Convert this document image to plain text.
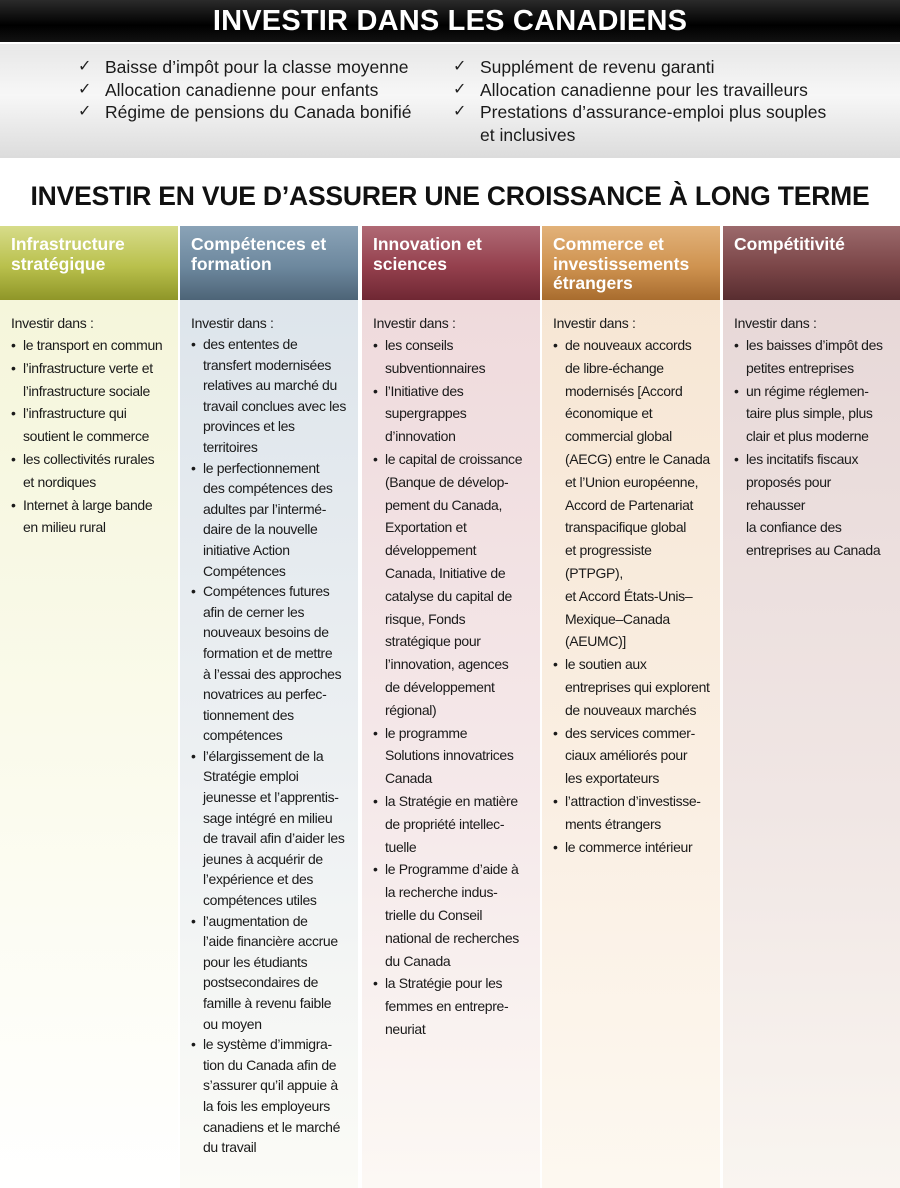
INVESTIR DANS LES CANADIENS
✓ Baisse d’impôt pour la classe moyenne
✓ Allocation canadienne pour enfants
✓ Régime de pensions du Canada bonifié
✓ Supplément de revenu garanti
✓ Allocation canadienne pour les travailleurs
✓ Prestations d’assurance-emploi plus souples
et inclusives
INVESTIR EN VUE D’ASSURER UNE CROISSANCE À LONG TERME
Infrastructure
stratégique
Investir dans :
• le transport en commun
• l’infrastructure verte et
l’infrastructure sociale
• l’infrastructure qui
soutient le commerce
• les collectivités rurales
et nordiques
• Internet à large bande
en milieu rural
Compétences et
formation
Investir dans :
• des ententes de
transfert modernisées
relatives au marché du
travail conclues avec les
provinces et les
territoires
• le perfectionnement
des compétences des
adultes par l’intermé-
daire de la nouvelle
initiative Action
Compétences
• Compétences futures
afin de cerner les
nouveaux besoins de
formation et de mettre
à l’essai des approches
novatrices au perfec-
tionnement des
compétences
• l’élargissement de la
Stratégie emploi
jeunesse et l’apprentis-
sage intégré en milieu
de travail afin d’aider les
jeunes à acquérir de
l’expérience et des
compétences utiles
• l’augmentation de
l’aide financière accrue
pour les étudiants
postsecondaires de
famille à revenu faible
ou moyen
• le système d’immigra-
tion du Canada afin de
s’assurer qu’il appuie à
la fois les employeurs
canadiens et le marché
du travail
Innovation et
sciences
Investir dans :
• les conseils
subventionnaires
• l’Initiative des
supergrappes
d’innovation
• le capital de croissance
(Banque de dévelop-
pement du Canada,
Exportation et
développement
Canada, Initiative de
catalyse du capital de
risque, Fonds
stratégique pour
l’innovation, agences
de développement
régional)
• le programme
Solutions innovatrices
Canada
• la Stratégie en matière
de propriété intellec-
tuelle
• le Programme d’aide à
la recherche indus-
trielle du Conseil
national de recherches
du Canada
• la Stratégie pour les
femmes en entrepre-
neuriat
Commerce et
investissements
étrangers
Investir dans :
• de nouveaux accords
de libre-échange
modernisés [Accord
économique et
commercial global
(AECG) entre le Canada
et l’Union européenne,
Accord de Partenariat
transpacifique global
et progressiste (PTPGP),
et Accord États-Unis–
Mexique–Canada
(AEUMC)]
• le soutien aux
entreprises qui explorent
de nouveaux marchés
• des services commer-
ciaux améliorés pour
les exportateurs
• l’attraction d’investisse-
ments étrangers
• le commerce intérieur
Compétitivité
Investir dans :
• les baisses d’impôt des
petites entreprises
• un régime réglemen-
taire plus simple, plus
clair et plus moderne
• les incitatifs fiscaux
proposés pour rehausser
la confiance des
entreprises au Canada
